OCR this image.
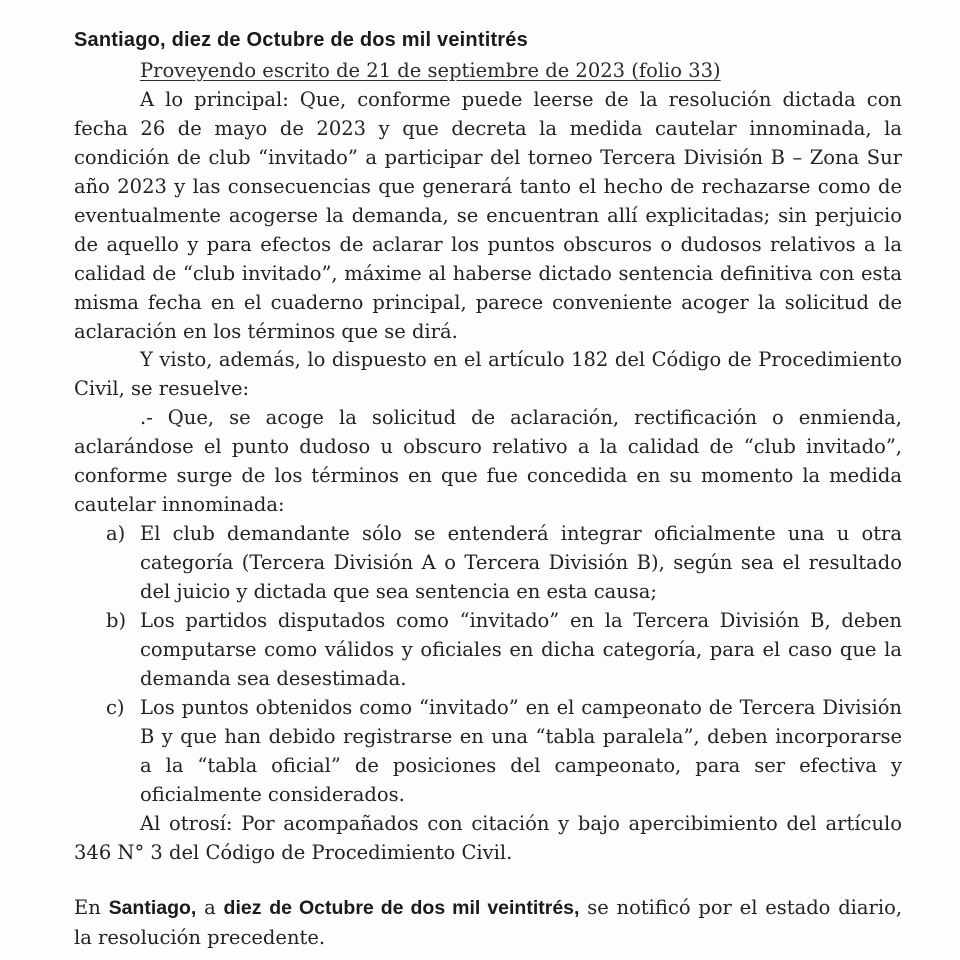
Santiago, diez de Octubre de dos mil veintitrés
Proveyendo escrito de 21 de septiembre de 2023 (folio 33)

A lo principal: Que, conforme puede leerse de la resolución dictada con fecha 26 de mayo de 2023 y que decreta la medida cautelar innominada, la condición de club “invitado” a participar del torneo Tercera División B – Zona Sur año 2023 y las consecuencias que generará tanto el hecho de rechazarse como de eventualmente acogerse la demanda, se encuentran allí explicitadas; sin perjuicio de aquello y para efectos de aclarar los puntos obscuros o dudosos relativos a la calidad de “club invitado”, máxime al haberse dictado sentencia definitiva con esta misma fecha en el cuaderno principal, parece conveniente acoger la solicitud de aclaración en los términos que se dirá.

Y visto, además, lo dispuesto en el artículo 182 del Código de Procedimiento Civil, se resuelve:

.- Que, se acoge la solicitud de aclaración, rectificación o enmienda, aclarándose el punto dudoso u obscuro relativo a la calidad de “club invitado”, conforme surge de los términos en que fue concedida en su momento la medida cautelar innominada:

a) El club demandante sólo se entenderá integrar oficialmente una u otra categoría (Tercera División A o Tercera División B), según sea el resultado del juicio y dictada que sea sentencia en esta causa;
b) Los partidos disputados como “invitado” en la Tercera División B, deben computarse como válidos y oficiales en dicha categoría, para el caso que la demanda sea desestimada.
c) Los puntos obtenidos como “invitado” en el campeonato de Tercera División B y que han debido registrarse en una “tabla paralela”, deben incorporarse a la “tabla oficial” de posiciones del campeonato, para ser efectiva y oficialmente considerados.

Al otrosí: Por acompañados con citación y bajo apercibimiento del artículo 346 N° 3 del Código de Procedimiento Civil.

En Santiago, a diez de Octubre de dos mil veintitrés, se notificó por el estado diario, la resolución precedente.
